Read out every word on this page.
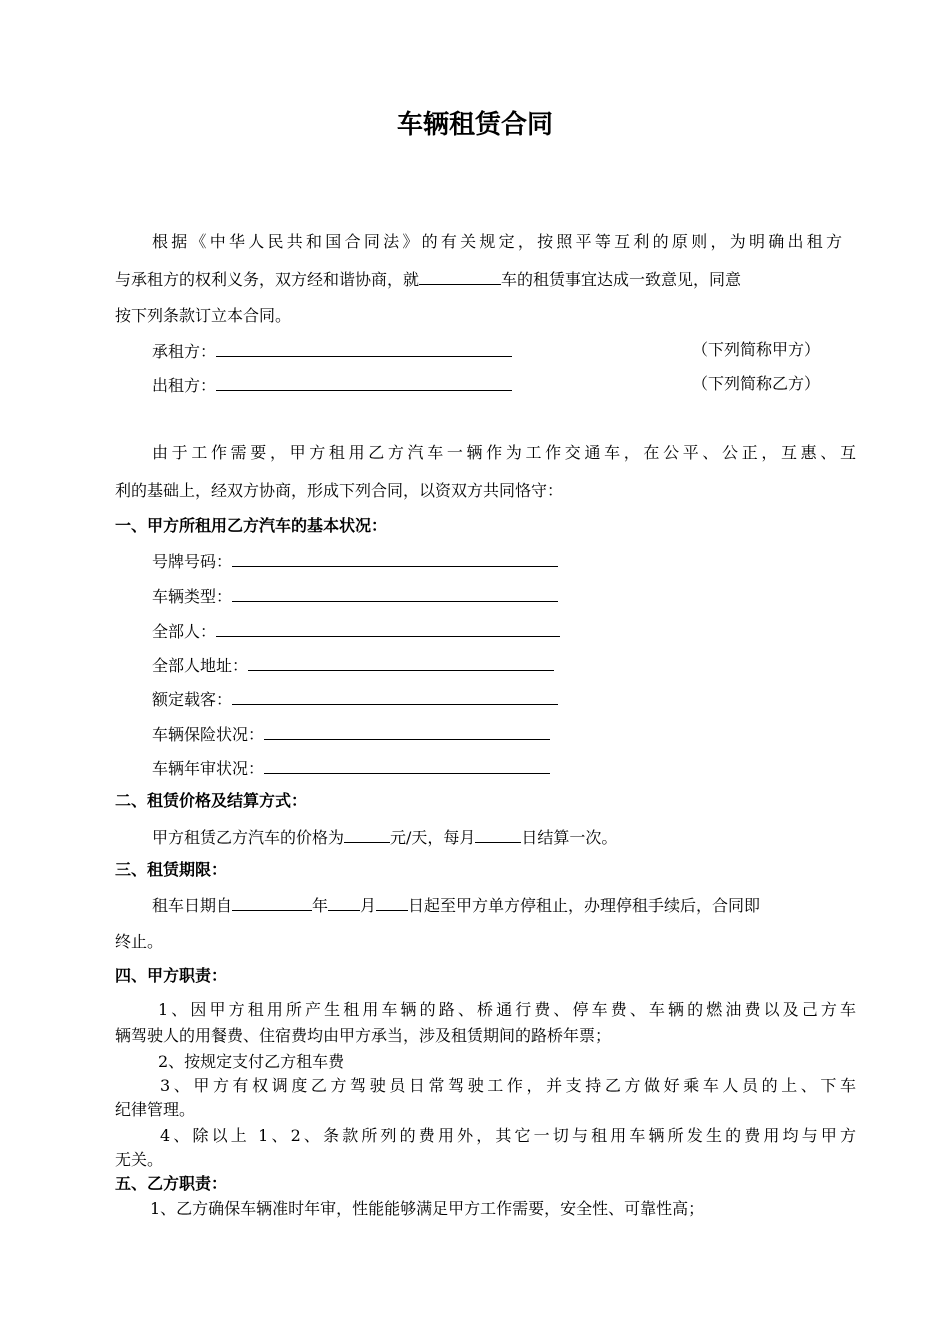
车辆租赁合同
根据《中华人民共和国合同法》的有关规定，按照平等互利的原则，为明确出租方
与承租方的权利义务，双方经和谐协商，就	车的租赁事宜达成一致意见，同意
按下列条款订立本合同。
承租方：	（下列简称甲方）
出租方：	（下列简称乙方）
由于工作需要，甲方租用乙方汽车一辆作为工作交通车，在公平、公正，互惠、互
利的基础上，经双方协商，形成下列合同，以资双方共同恪守：
一、甲方所租用乙方汽车的基本状况：
号牌号码：
车辆类型：
全部人：
全部人地址：
额定载客：
车辆保险状况：
车辆年审状况：
二、租赁价格及结算方式：
甲方租赁乙方汽车的价格为	元/天，每月	日结算一次。
三、租赁期限：
租车日期自	年 月 日起至甲方单方停租止，办理停租手续后，合同即
终止。
四、甲方职责：
1、因甲方租用所产生租用车辆的路、桥通行费、停车费、车辆的燃油费以及己方车
辆驾驶人的用餐费、住宿费均由甲方承当，涉及租赁期间的路桥年票；
2、按规定支付乙方租车费
3、甲方有权调度乙方驾驶员日常驾驶工作，并支持乙方做好乘车人员的上、下车
纪律管理。
4、除以上 1、2、条款所列的费用外，其它一切与租用车辆所发生的费用均与甲方
无关。
五、乙方职责：
1、乙方确保车辆准时年审，性能能够满足甲方工作需要，安全性、可靠性高；
